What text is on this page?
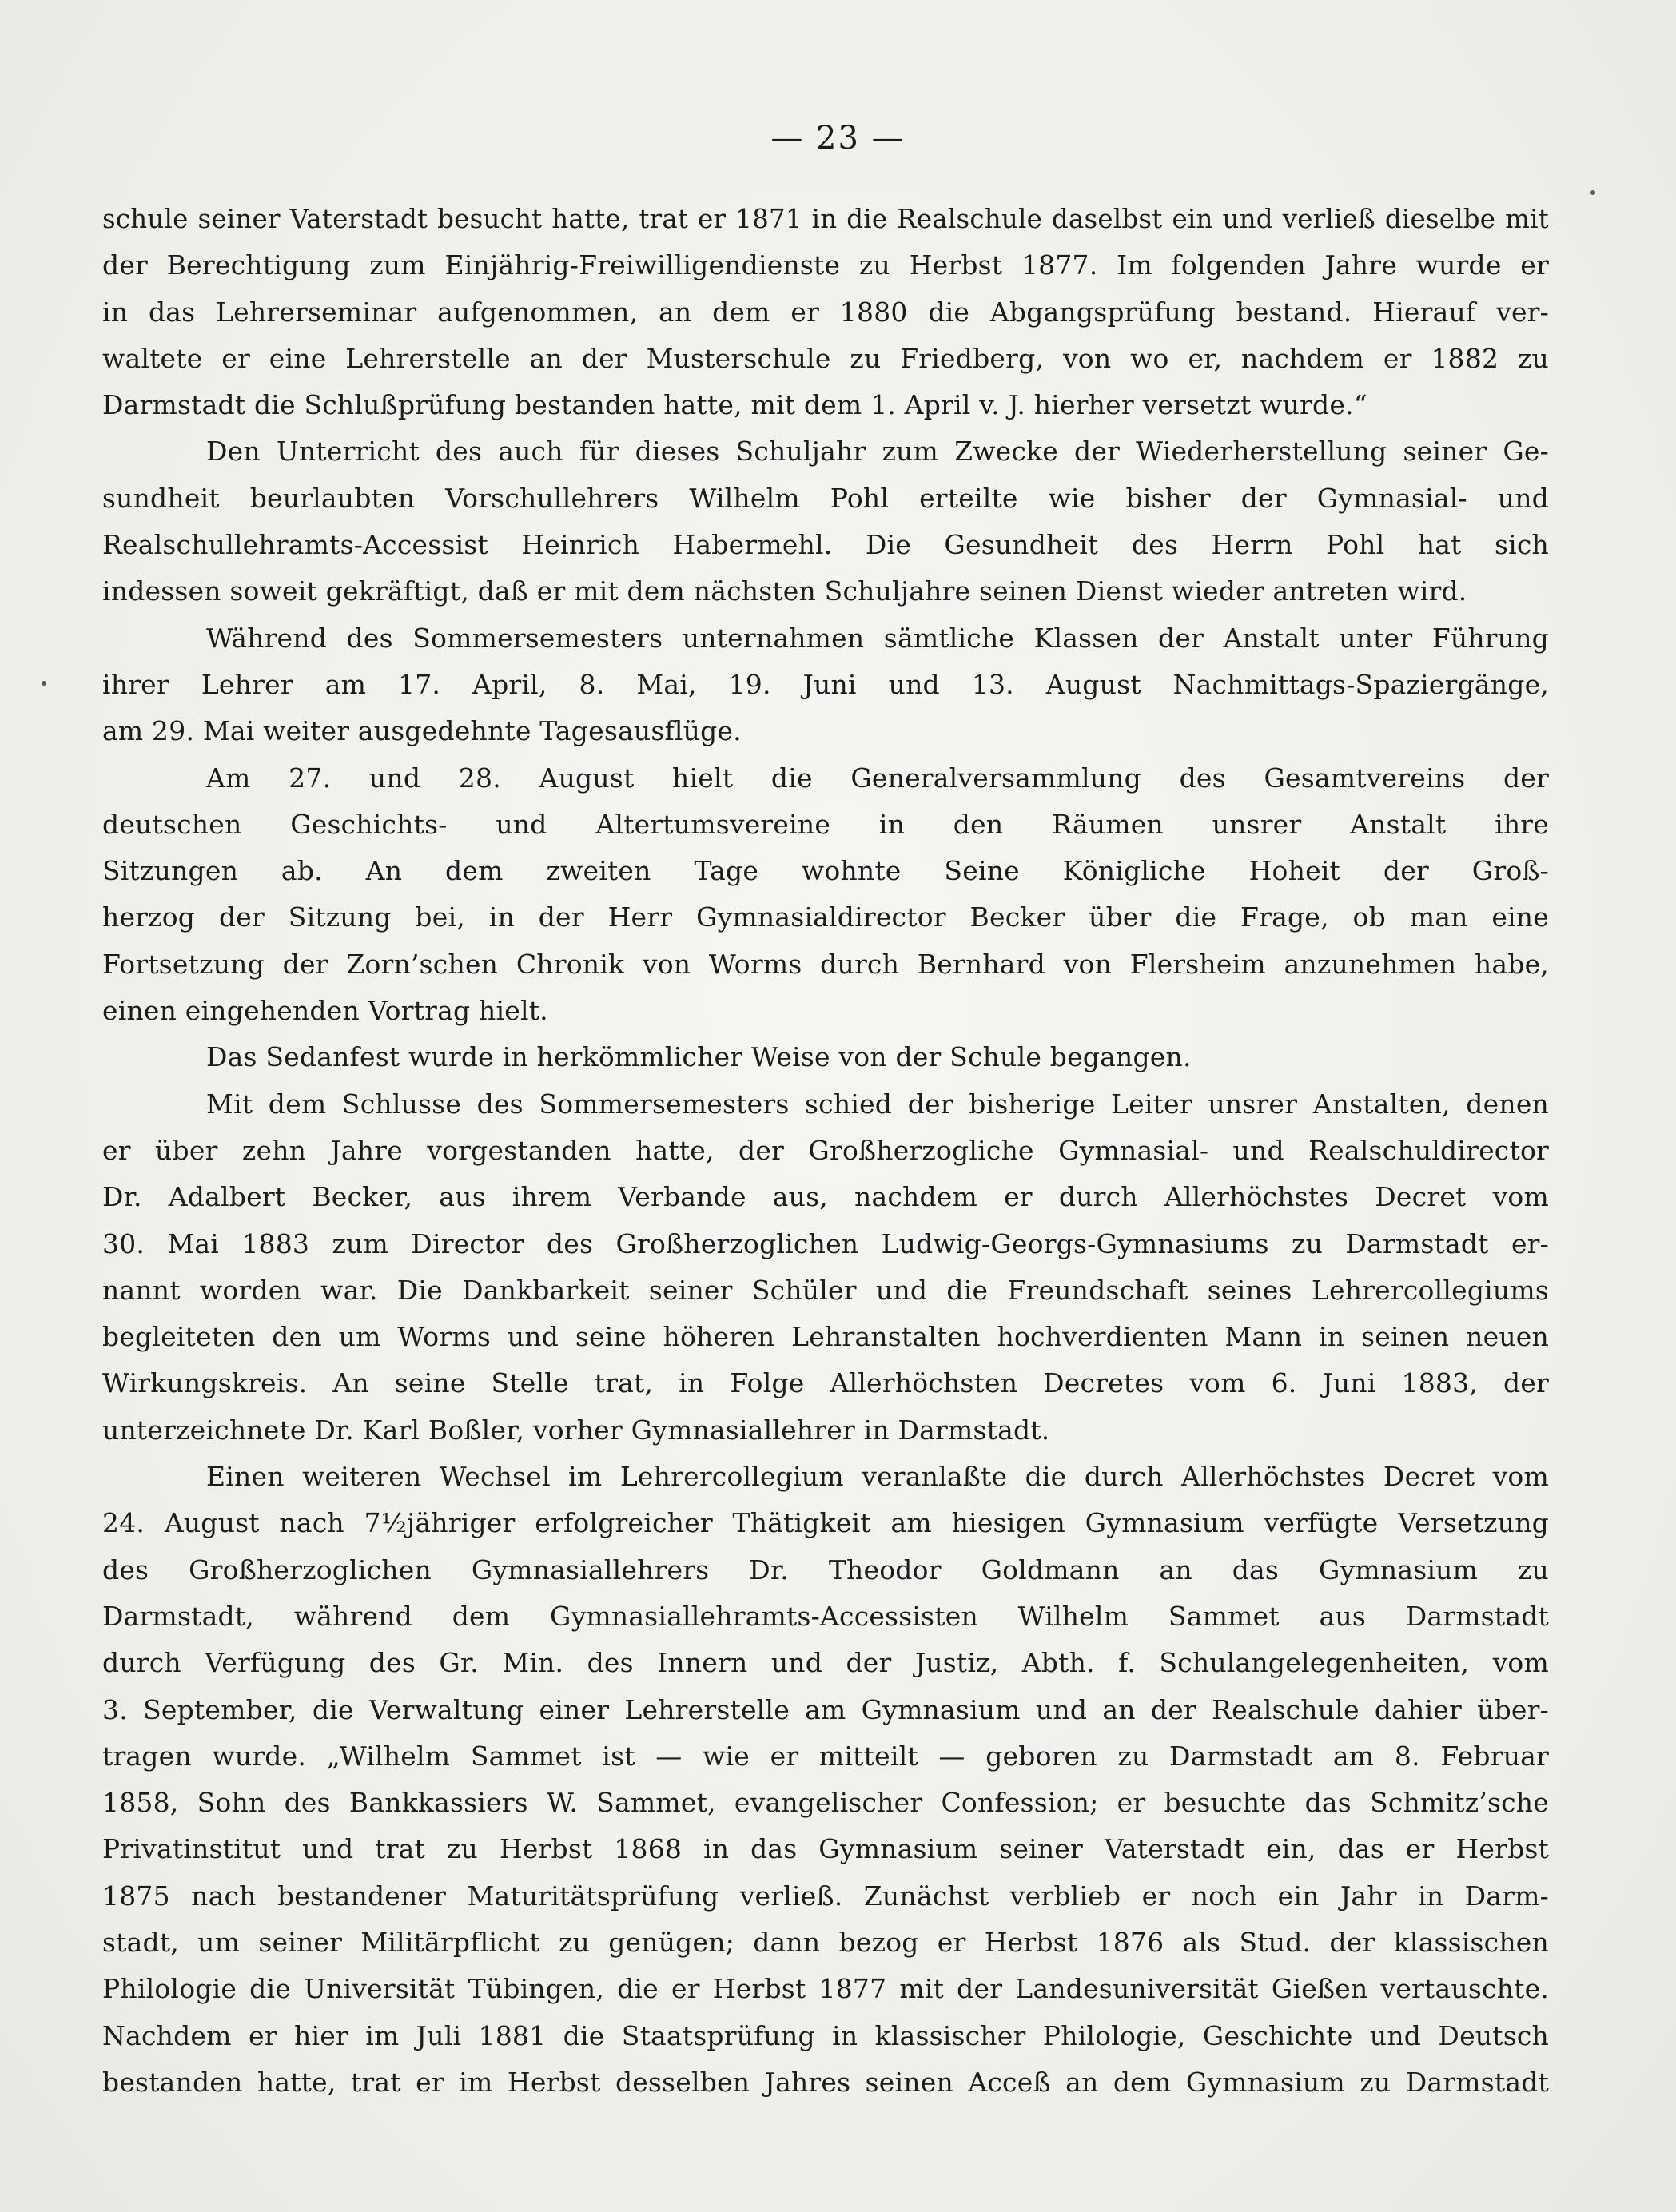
— 23 —

schule seiner Vaterstadt besucht hatte, trat er 1871 in die Realschule daselbst ein und verließ dieselbe mit
der Berechtigung zum Einjährig-Freiwilligendienste zu Herbst 1877. Im folgenden Jahre wurde er
in das Lehrerseminar aufgenommen, an dem er 1880 die Abgangsprüfung bestand. Hierauf ver-
waltete er eine Lehrerstelle an der Musterschule zu Friedberg, von wo er, nachdem er 1882 zu
Darmstadt die Schlußprüfung bestanden hatte, mit dem 1. April v. J. hierher versetzt wurde.“
Den Unterricht des auch für dieses Schuljahr zum Zwecke der Wiederherstellung seiner Ge-
sundheit beurlaubten Vorschullehrers Wilhelm Pohl erteilte wie bisher der Gymnasial- und
Realschullehramts-Accessist Heinrich Habermehl. Die Gesundheit des Herrn Pohl hat sich
indessen soweit gekräftigt, daß er mit dem nächsten Schuljahre seinen Dienst wieder antreten wird.
Während des Sommersemesters unternahmen sämtliche Klassen der Anstalt unter Führung
ihrer Lehrer am 17. April, 8. Mai, 19. Juni und 13. August Nachmittags-Spaziergänge,
am 29. Mai weiter ausgedehnte Tagesausflüge.
Am 27. und 28. August hielt die Generalversammlung des Gesamtvereins der
deutschen Geschichts- und Altertumsvereine in den Räumen unsrer Anstalt ihre
Sitzungen ab. An dem zweiten Tage wohnte Seine Königliche Hoheit der Groß-
herzog der Sitzung bei, in der Herr Gymnasialdirector Becker über die Frage, ob man eine
Fortsetzung der Zorn’schen Chronik von Worms durch Bernhard von Flersheim anzunehmen habe,
einen eingehenden Vortrag hielt.
Das Sedanfest wurde in herkömmlicher Weise von der Schule begangen.
Mit dem Schlusse des Sommersemesters schied der bisherige Leiter unsrer Anstalten, denen
er über zehn Jahre vorgestanden hatte, der Großherzogliche Gymnasial- und Realschuldirector
Dr. Adalbert Becker, aus ihrem Verbande aus, nachdem er durch Allerhöchstes Decret vom
30. Mai 1883 zum Director des Großherzoglichen Ludwig-Georgs-Gymnasiums zu Darmstadt er-
nannt worden war. Die Dankbarkeit seiner Schüler und die Freundschaft seines Lehrercollegiums
begleiteten den um Worms und seine höheren Lehranstalten hochverdienten Mann in seinen neuen
Wirkungskreis. An seine Stelle trat, in Folge Allerhöchsten Decretes vom 6. Juni 1883, der
unterzeichnete Dr. Karl Boßler, vorher Gymnasiallehrer in Darmstadt.
Einen weiteren Wechsel im Lehrercollegium veranlaßte die durch Allerhöchstes Decret vom
24. August nach 7½jähriger erfolgreicher Thätigkeit am hiesigen Gymnasium verfügte Versetzung
des Großherzoglichen Gymnasiallehrers Dr. Theodor Goldmann an das Gymnasium zu
Darmstadt, während dem Gymnasiallehramts-Accessisten Wilhelm Sammet aus Darmstadt
durch Verfügung des Gr. Min. des Innern und der Justiz, Abth. f. Schulangelegenheiten, vom
3. September, die Verwaltung einer Lehrerstelle am Gymnasium und an der Realschule dahier über-
tragen wurde. „Wilhelm Sammet ist — wie er mitteilt — geboren zu Darmstadt am 8. Februar
1858, Sohn des Bankkassiers W. Sammet, evangelischer Confession; er besuchte das Schmitz’sche
Privatinstitut und trat zu Herbst 1868 in das Gymnasium seiner Vaterstadt ein, das er Herbst
1875 nach bestandener Maturitätsprüfung verließ. Zunächst verblieb er noch ein Jahr in Darm-
stadt, um seiner Militärpflicht zu genügen; dann bezog er Herbst 1876 als Stud. der klassischen
Philologie die Universität Tübingen, die er Herbst 1877 mit der Landesuniversität Gießen vertauschte.
Nachdem er hier im Juli 1881 die Staatsprüfung in klassischer Philologie, Geschichte und Deutsch
bestanden hatte, trat er im Herbst desselben Jahres seinen Acceß an dem Gymnasium zu Darmstadt
